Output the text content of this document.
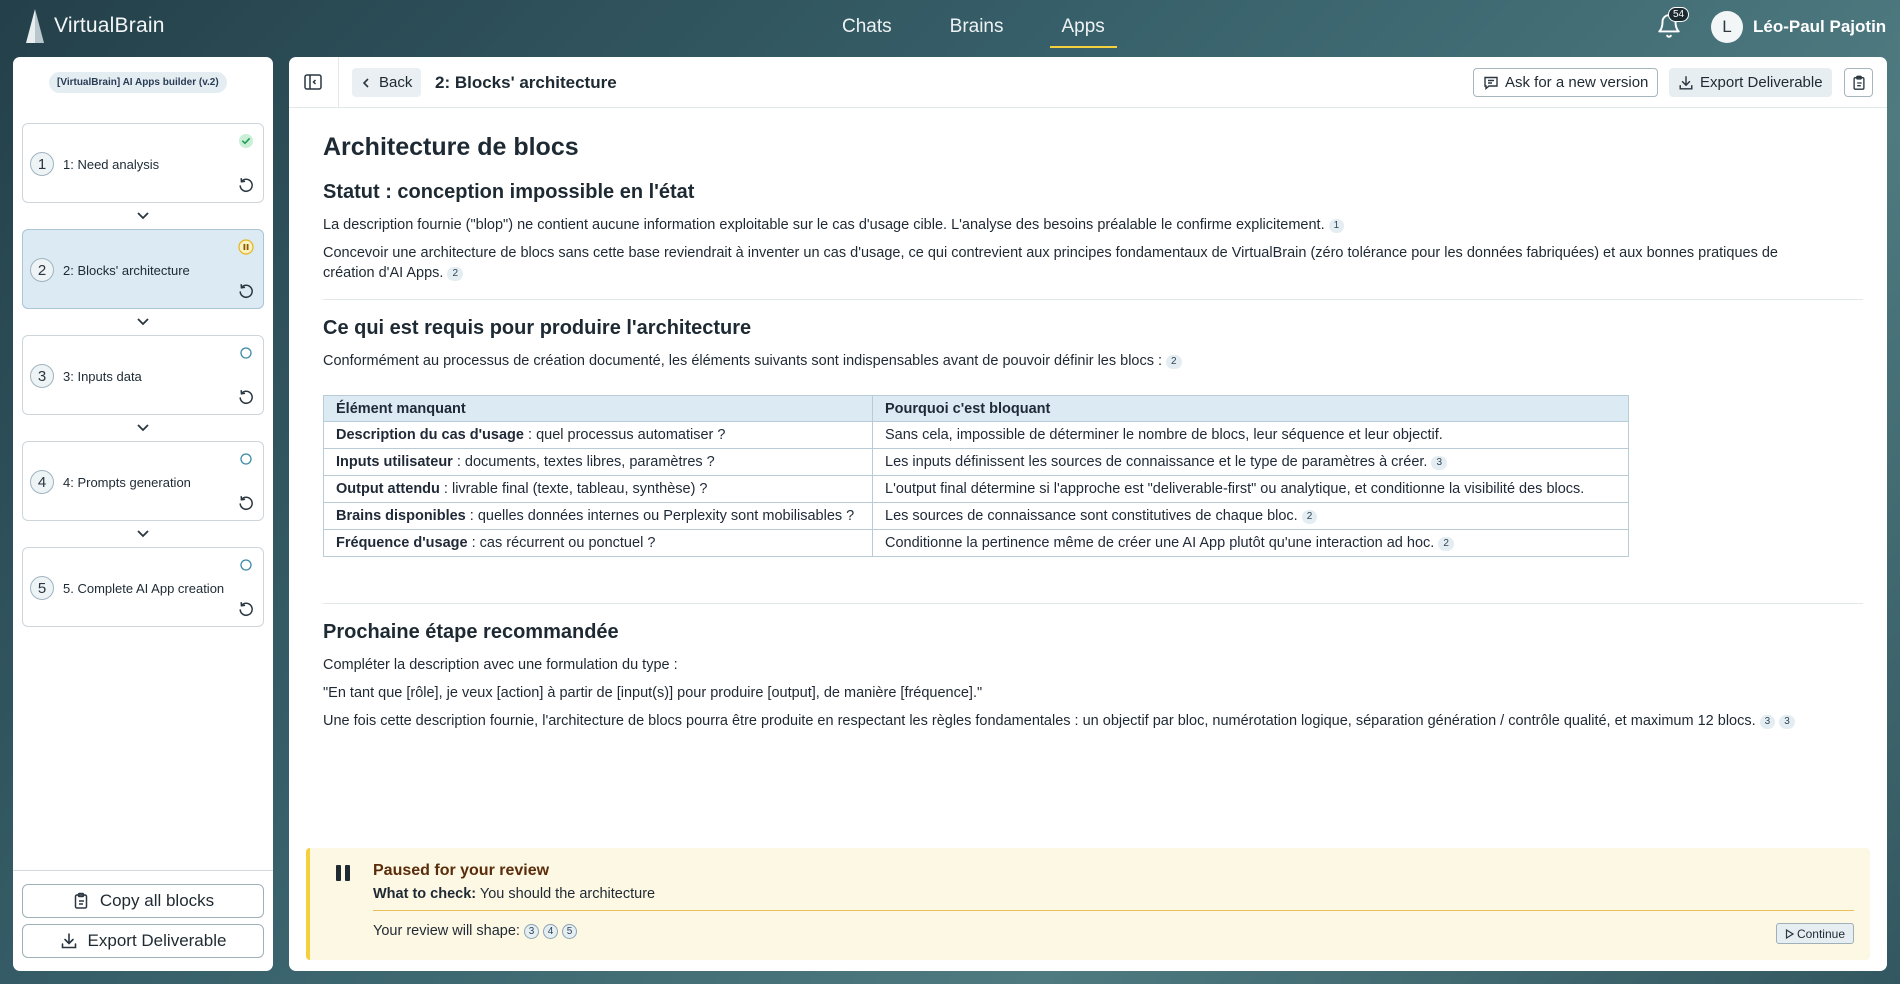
VirtualBrain	Chats	Brains	Apps
54
L	Léo-Paul Pajotin
[VirtualBrain] AI Apps builder (v.2)
1	1: Need analysis
2	2: Blocks' architecture
3	3: Inputs data
4	4: Prompts generation
5	5. Complete AI App creation
Copy all blocks
Export Deliverable
Back 2: Blocks' architecture	Ask for a new version	Export Deliverable
Architecture de blocs
Statut : conception impossible en l'état
La description fournie ("blop") ne contient aucune information exploitable sur le cas d'usage cible. L'analyse des besoins préalable le confirme explicitement. 1
Concevoir une architecture de blocs sans cette base reviendrait à inventer un cas d'usage, ce qui contrevient aux principes fondamentaux de VirtualBrain (zéro tolérance pour les données fabriquées) et aux bonnes pratiques de
création d'AI Apps. 2
Ce qui est requis pour produire l'architecture
Conformément au processus de création documenté, les éléments suivants sont indispensables avant de pouvoir définir les blocs : 2
Élément manquant	Pourquoi c'est bloquant
Description du cas d'usage : quel processus automatiser ?	Sans cela, impossible de déterminer le nombre de blocs, leur séquence et leur objectif.
Inputs utilisateur : documents, textes libres, paramètres ?	Les inputs définissent les sources de connaissance et le type de paramètres à créer. 3
Output attendu : livrable final (texte, tableau, synthèse) ?	L'output final détermine si l'approche est "deliverable-first" ou analytique, et conditionne la visibilité des blocs.
Brains disponibles : quelles données internes ou Perplexity sont mobilisables ?	Les sources de connaissance sont constitutives de chaque bloc. 2
Fréquence d'usage : cas récurrent ou ponctuel ?	Conditionne la pertinence même de créer une AI App plutôt qu'une interaction ad hoc. 2
Prochaine étape recommandée
Compléter la description avec une formulation du type :
"En tant que [rôle], je veux [action] à partir de [input(s)] pour produire [output], de manière [fréquence]."
Une fois cette description fournie, l'architecture de blocs pourra être produite en respectant les règles fondamentales : un objectif par bloc, numérotation logique, séparation génération / contrôle qualité, et maximum 12 blocs. 3 3
Paused for your review
What to check: You should the architecture
Your review will shape: 3	4	5	Continue
